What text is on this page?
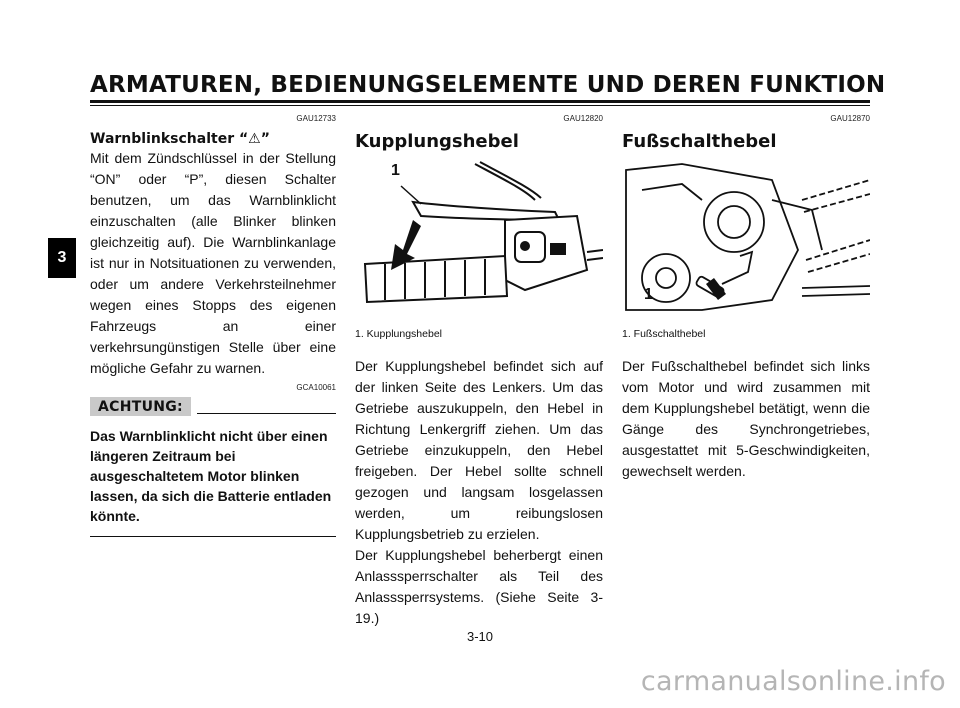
ARMATUREN, BEDIENUNGSELEMENTE UND DEREN FUNKTION
3
GAU12733
Warnblinkschalter “⚠”
Mit dem Zündschlüssel in der Stellung “ON” oder “P”, diesen Schalter benutzen, um das Warnblinklicht einzuschalten (alle Blinker blinken gleichzeitig auf). Die Warnblinkanlage ist nur in Notsituationen zu verwenden, oder um andere Verkehrsteilnehmer wegen eines Stopps des eigenen Fahrzeugs an einer verkehrsungünstigen Stelle über eine mögliche Gefahr zu warnen.
GCA10061
ACHTUNG:
Das Warnblinklicht nicht über einen längeren Zeitraum bei ausgeschaltetem Motor blinken lassen, da sich die Batterie entladen könnte.
GAU12820
Kupplungshebel
1
1. Kupplungshebel
Der Kupplungshebel befindet sich auf der linken Seite des Lenkers. Um das Getriebe auszukuppeln, den Hebel in Richtung Lenkergriff ziehen. Um das Getriebe einzukuppeln, den Hebel freigeben. Der Hebel sollte schnell gezogen und langsam losgelassen werden, um reibungslosen Kupplungsbetrieb zu erzielen.
Der Kupplungshebel beherbergt einen Anlasssperrschalter als Teil des Anlasssperrsystems. (Siehe Seite 3-19.)
GAU12870
Fußschalthebel
1
1. Fußschalthebel
Der Fußschalthebel befindet sich links vom Motor und wird zusammen mit dem Kupplungshebel betätigt, wenn die Gänge des Synchrongetriebes, ausgestattet mit 5-Geschwindigkeiten, gewechselt werden.
3-10
carmanualsonline.info
